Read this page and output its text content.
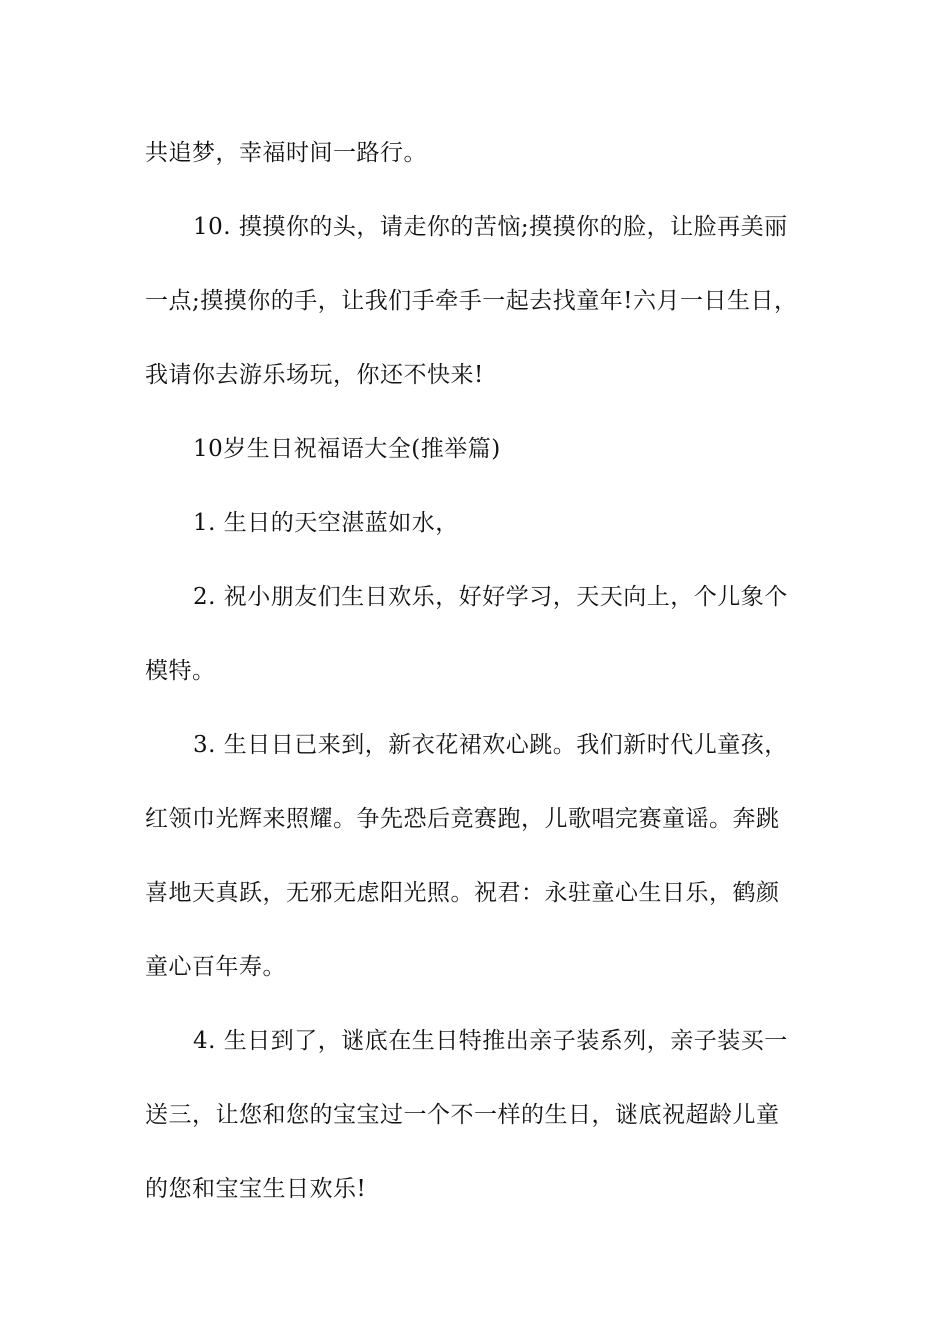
共追梦，幸福时间一路行。
10. 摸摸你的头，请走你的苦恼;摸摸你的脸，让脸再美丽
一点;摸摸你的手，让我们手牵手一起去找童年!六月一日生日，
我请你去游乐场玩，你还不快来!
10岁生日祝福语大全(推举篇)
1. 生日的天空湛蓝如水，
2. 祝小朋友们生日欢乐，好好学习，天天向上，个儿象个
模特。
3. 生日日已来到，新衣花裙欢心跳。我们新时代儿童孩，
红领巾光辉来照耀。争先恐后竞赛跑，儿歌唱完赛童谣。奔跳
喜地天真跃，无邪无虑阳光照。祝君：永驻童心生日乐，鹤颜
童心百年寿。
4. 生日到了，谜底在生日特推出亲子装系列，亲子装买一
送三，让您和您的宝宝过一个不一样的生日，谜底祝超龄儿童
的您和宝宝生日欢乐!
